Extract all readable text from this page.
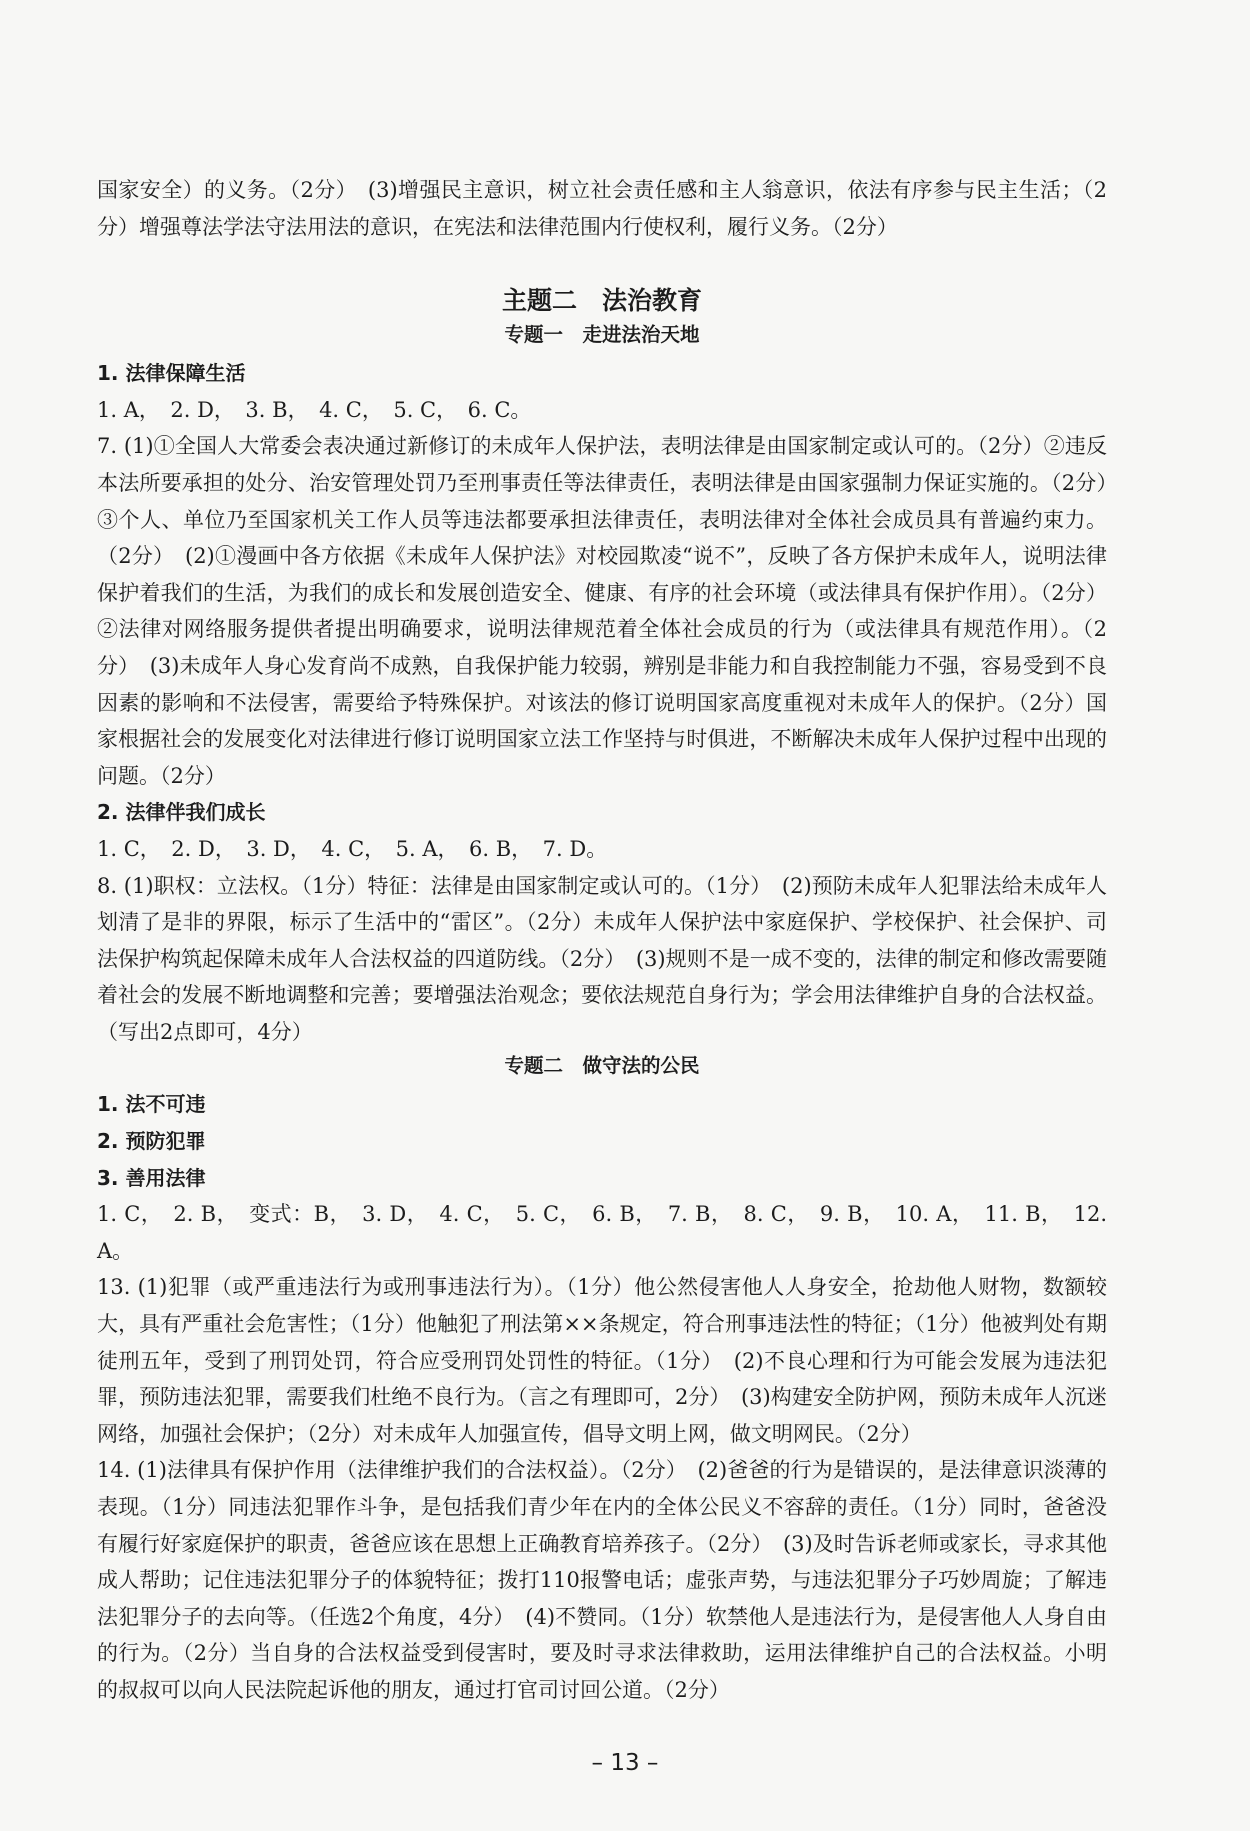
国家安全）的义务。（2分）　(3)增强民主意识，树立社会责任感和主人翁意识，依法有序参与民主生活；（2分）增强尊法学法守法用法的意识，在宪法和法律范围内行使权利，履行义务。（2分）

主题二　法治教育
专题一　走进法治天地
1. 法律保障生活

1. A，　2. D，　3. B，　4. C，　5. C，　6. C。

7. (1)①全国人大常委会表决通过新修订的未成年人保护法，表明法律是由国家制定或认可的。（2分）②违反本法所要承担的处分、治安管理处罚乃至刑事责任等法律责任，表明法律是由国家强制力保证实施的。（2分）③个人、单位乃至国家机关工作人员等违法都要承担法律责任，表明法律对全体社会成员具有普遍约束力。（2分）　(2)①漫画中各方依据《未成年人保护法》对校园欺凌“说不”，反映了各方保护未成年人，说明法律保护着我们的生活，为我们的成长和发展创造安全、健康、有序的社会环境（或法律具有保护作用）。（2分）②法律对网络服务提供者提出明确要求，说明法律规范着全体社会成员的行为（或法律具有规范作用）。（2分）　(3)未成年人身心发育尚不成熟，自我保护能力较弱，辨别是非能力和自我控制能力不强，容易受到不良因素的影响和不法侵害，需要给予特殊保护。对该法的修订说明国家高度重视对未成年人的保护。（2分）国家根据社会的发展变化对法律进行修订说明国家立法工作坚持与时俱进，不断解决未成年人保护过程中出现的问题。（2分）

2. 法律伴我们成长

1. C，　2. D，　3. D，　4. C，　5. A，　6. B，　7. D。

8. (1)职权：立法权。（1分）特征：法律是由国家制定或认可的。（1分）　(2)预防未成年人犯罪法给未成年人划清了是非的界限，标示了生活中的“雷区”。（2分）未成年人保护法中家庭保护、学校保护、社会保护、司法保护构筑起保障未成年人合法权益的四道防线。（2分）　(3)规则不是一成不变的，法律的制定和修改需要随着社会的发展不断地调整和完善；要增强法治观念；要依法规范自身行为；学会用法律维护自身的合法权益。（写出2点即可，4分）

专题二　做守法的公民
1. 法不可违
2. 预防犯罪
3. 善用法律

1. C，　2. B，　变式：B，　3. D，　4. C，　5. C，　6. B，　7. B，　8. C，　9. B，　10. A，　11. B，　12. A。

13. (1)犯罪（或严重违法行为或刑事违法行为）。（1分）他公然侵害他人人身安全，抢劫他人财物，数额较大，具有严重社会危害性；（1分）他触犯了刑法第××条规定，符合刑事违法性的特征；（1分）他被判处有期徒刑五年，受到了刑罚处罚，符合应受刑罚处罚性的特征。（1分）　(2)不良心理和行为可能会发展为违法犯罪，预防违法犯罪，需要我们杜绝不良行为。（言之有理即可，2分）　(3)构建安全防护网，预防未成年人沉迷网络，加强社会保护；（2分）对未成年人加强宣传，倡导文明上网，做文明网民。（2分）

14. (1)法律具有保护作用（法律维护我们的合法权益）。（2分）　(2)爸爸的行为是错误的，是法律意识淡薄的表现。（1分）同违法犯罪作斗争，是包括我们青少年在内的全体公民义不容辞的责任。（1分）同时，爸爸没有履行好家庭保护的职责，爸爸应该在思想上正确教育培养孩子。（2分）　(3)及时告诉老师或家长，寻求其他成人帮助；记住违法犯罪分子的体貌特征；拨打110报警电话；虚张声势，与违法犯罪分子巧妙周旋；了解违法犯罪分子的去向等。（任选2个角度，4分）　(4)不赞同。（1分）软禁他人是违法行为，是侵害他人人身自由的行为。（2分）当自身的合法权益受到侵害时，要及时寻求法律救助，运用法律维护自己的合法权益。小明的叔叔可以向人民法院起诉他的朋友，通过打官司讨回公道。（2分）

– 13 –
